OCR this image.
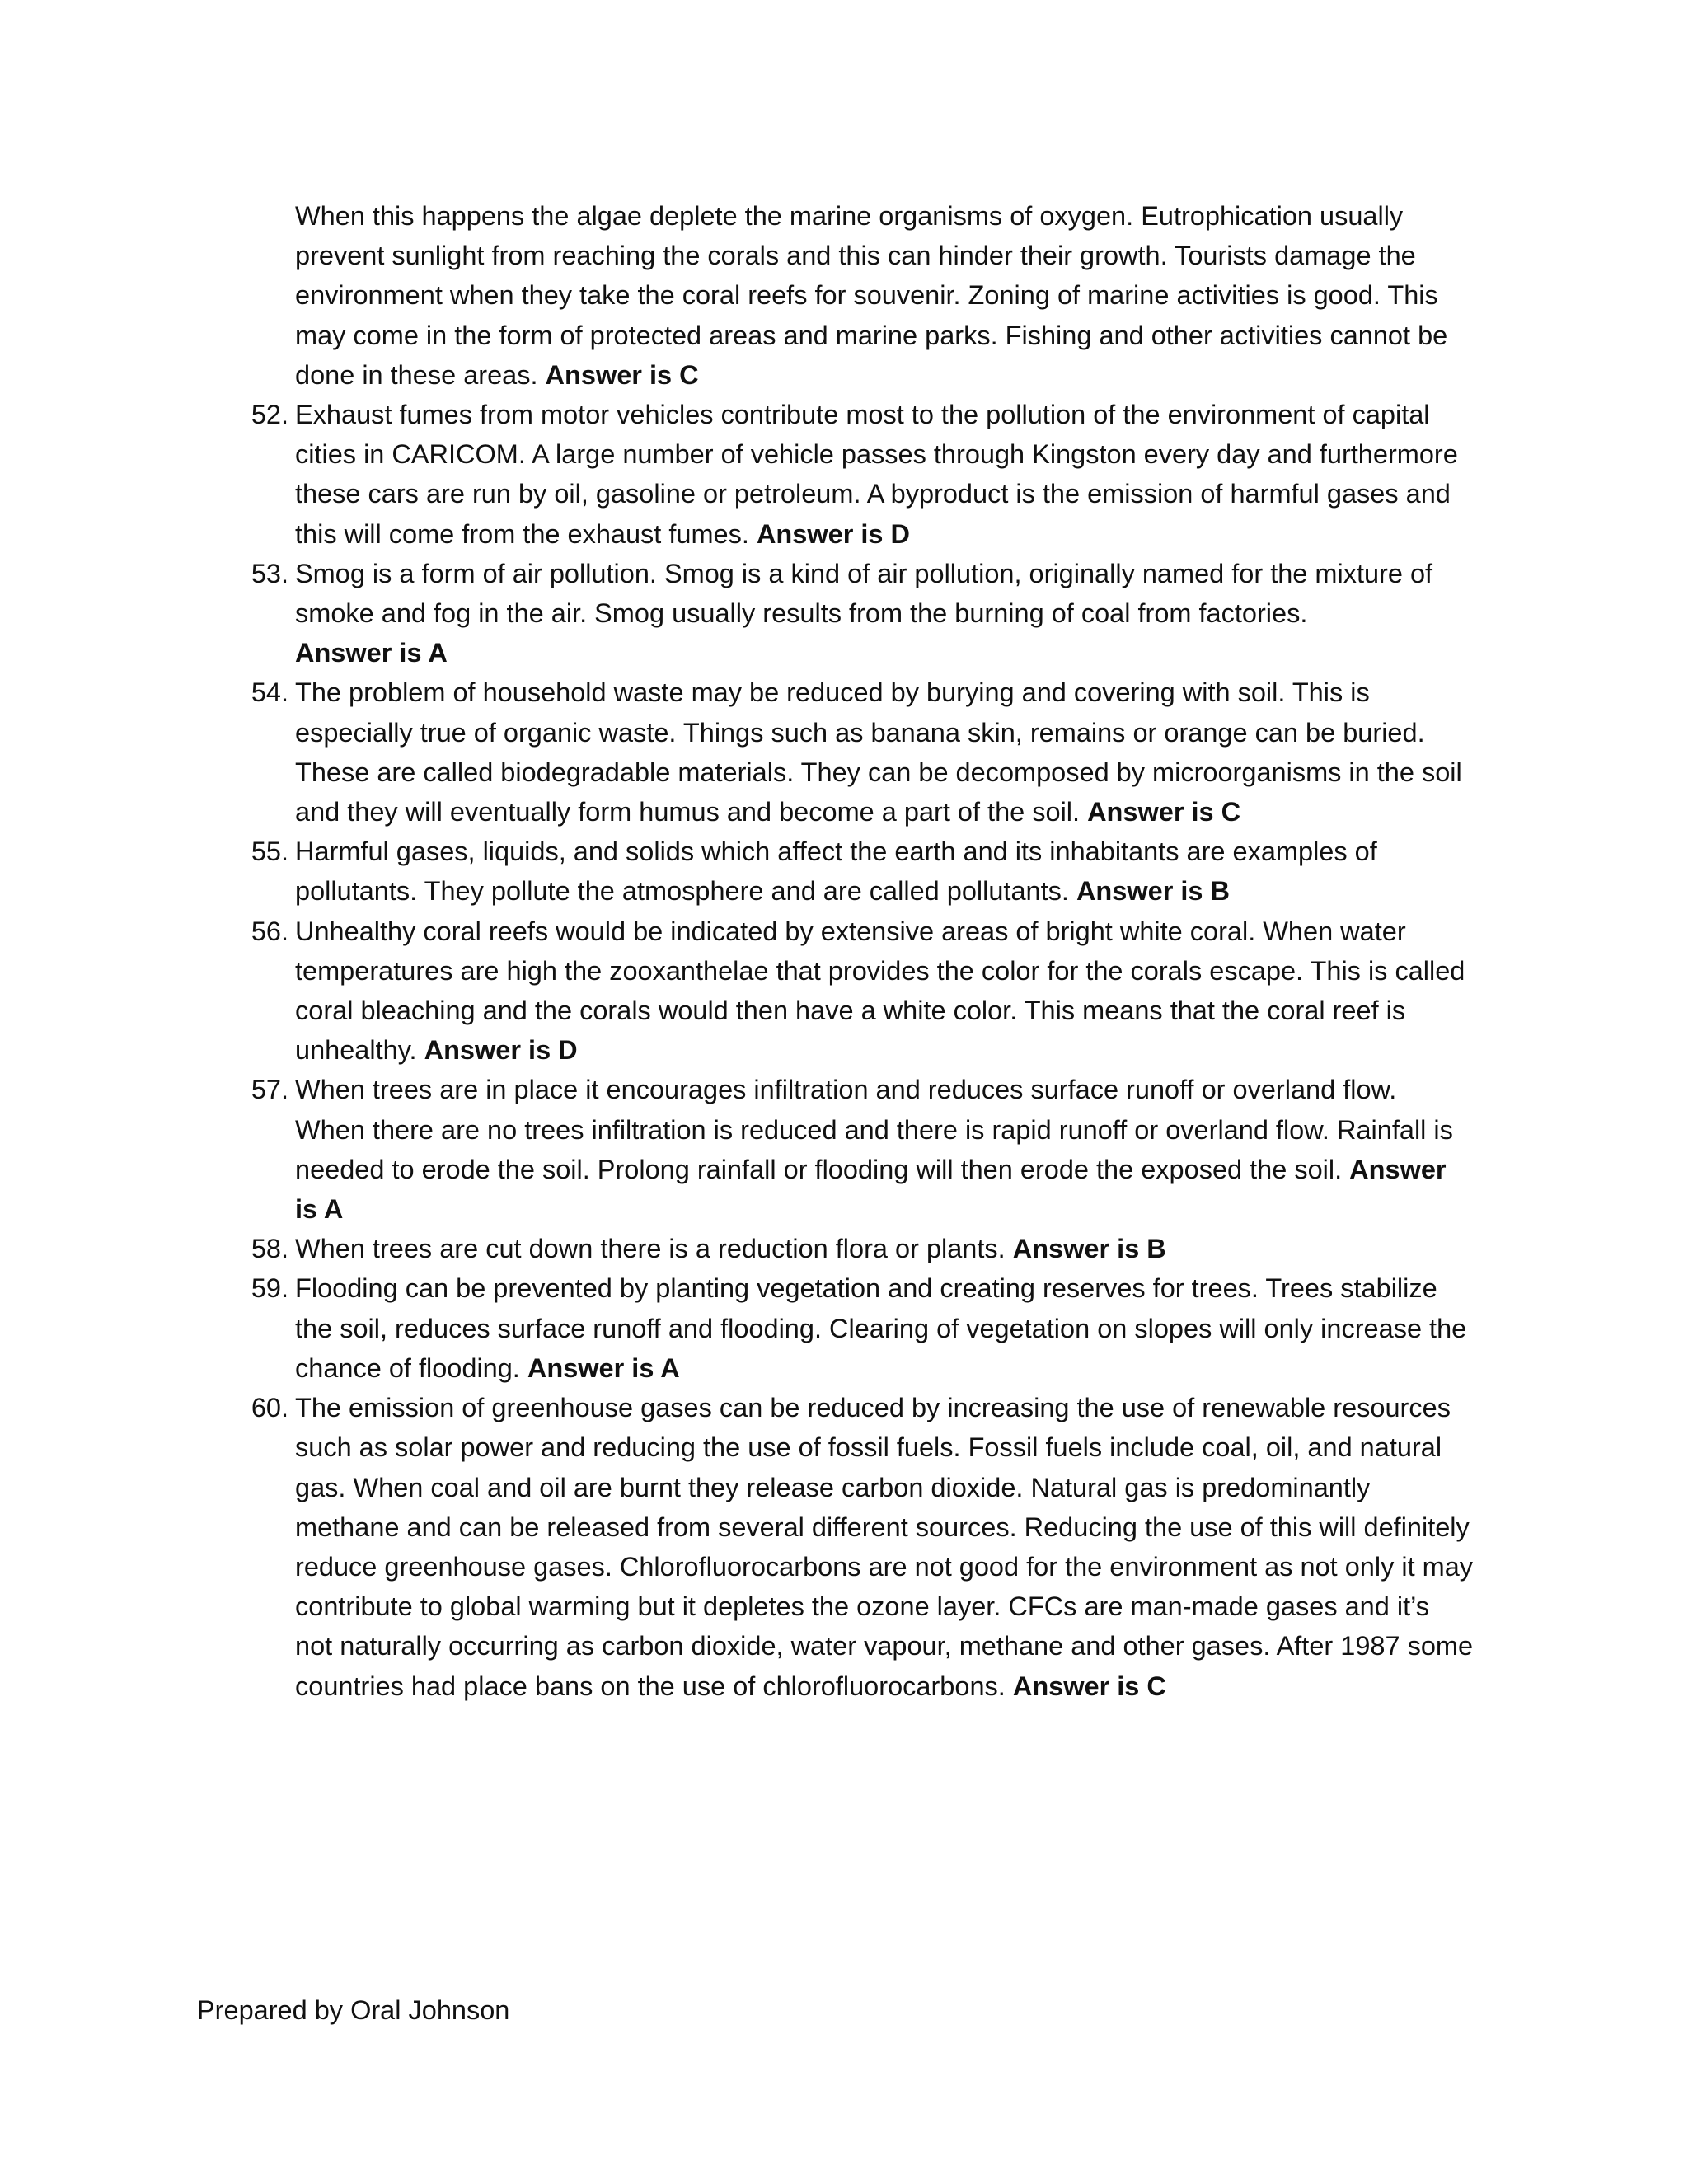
When this happens the algae deplete the marine organisms of oxygen. Eutrophication usually prevent sunlight from reaching the corals and this can hinder their growth. Tourists damage the environment when they take the coral reefs for souvenir. Zoning of marine activities is good. This may come in the form of protected areas and marine parks. Fishing and other activities cannot be done in these areas. Answer is C

52. Exhaust fumes from motor vehicles contribute most to the pollution of the environment of capital cities in CARICOM. A large number of vehicle passes through Kingston every day and furthermore these cars are run by oil, gasoline or petroleum. A byproduct is the emission of harmful gases and this will come from the exhaust fumes. Answer is D

53. Smog is a form of air pollution. Smog is a kind of air pollution, originally named for the mixture of smoke and fog in the air. Smog usually results from the burning of coal from factories.
Answer is A

54. The problem of household waste may be reduced by burying and covering with soil. This is especially true of organic waste. Things such as banana skin, remains or orange can be buried. These are called biodegradable materials. They can be decomposed by microorganisms in the soil and they will eventually form humus and become a part of the soil. Answer is C

55. Harmful gases, liquids, and solids which affect the earth and its inhabitants are examples of pollutants. They pollute the atmosphere and are called pollutants. Answer is B

56. Unhealthy coral reefs would be indicated by extensive areas of bright white coral. When water temperatures are high the zooxanthelae that provides the color for the corals escape. This is called coral bleaching and the corals would then have a white color. This means that the coral reef is unhealthy. Answer is D

57. When trees are in place it encourages infiltration and reduces surface runoff or overland flow. When there are no trees infiltration is reduced and there is rapid runoff or overland flow. Rainfall is needed to erode the soil. Prolong rainfall or flooding will then erode the exposed the soil. Answer is A

58. When trees are cut down there is a reduction flora or plants. Answer is B

59. Flooding can be prevented by planting vegetation and creating reserves for trees. Trees stabilize the soil, reduces surface runoff and flooding. Clearing of vegetation on slopes will only increase the chance of flooding. Answer is A

60. The emission of greenhouse gases can be reduced by increasing the use of renewable resources such as solar power and reducing the use of fossil fuels. Fossil fuels include coal, oil, and natural gas. When coal and oil are burnt they release carbon dioxide. Natural gas is predominantly methane and can be released from several different sources. Reducing the use of this will definitely reduce greenhouse gases. Chlorofluorocarbons are not good for the environment as not only it may contribute to global warming but it depletes the ozone layer. CFCs are man-made gases and it’s not naturally occurring as carbon dioxide, water vapour, methane and other gases. After 1987 some countries had place bans on the use of chlorofluorocarbons. Answer is C

Prepared by Oral Johnson
